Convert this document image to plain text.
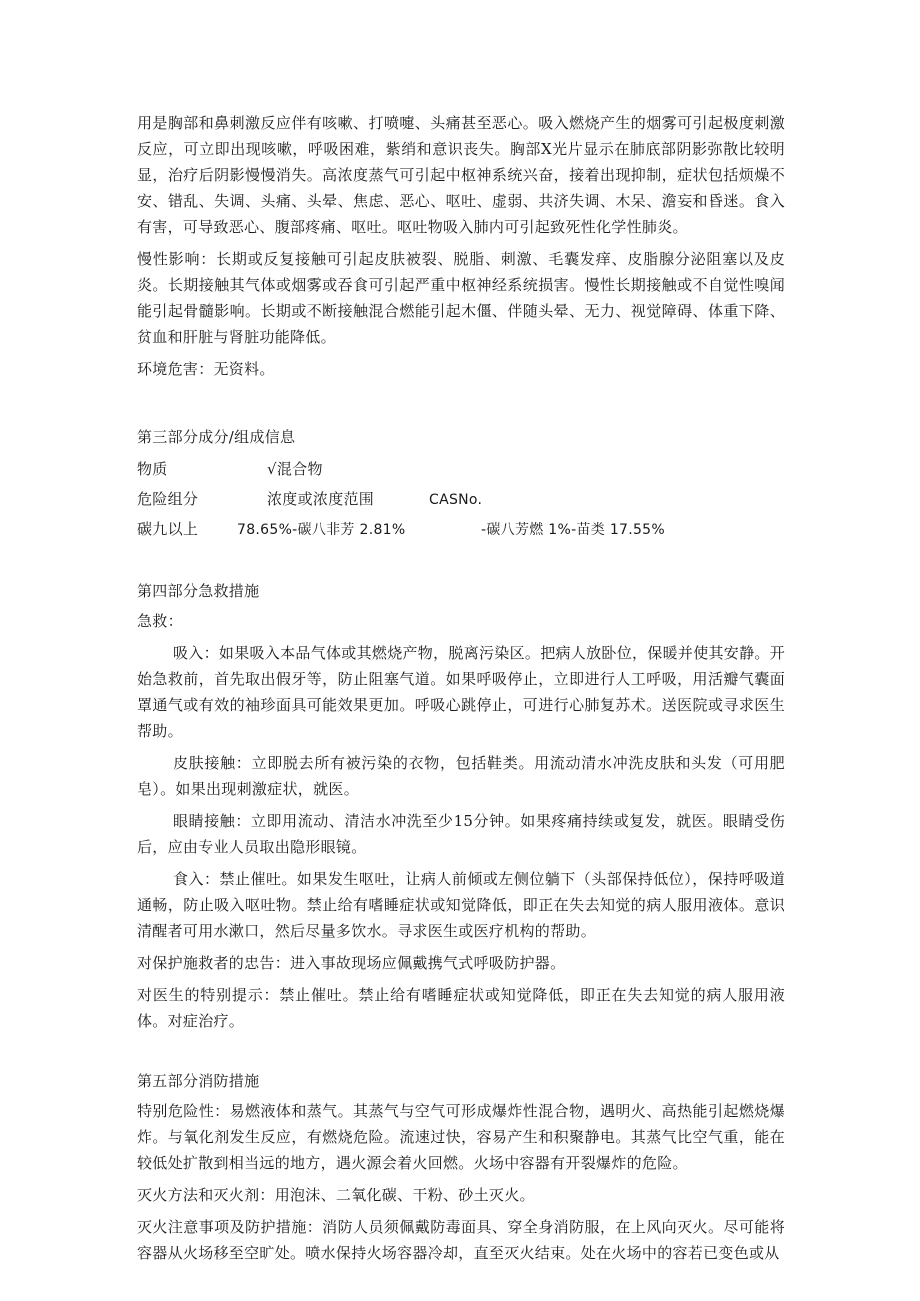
用是胸部和鼻刺激反应伴有咳嗽、打喷嚏、头痛甚至恶心。吸入燃烧产生的烟雾可引起极度刺激反应，可立即出现咳嗽，呼吸困难，紫绡和意识丧失。胸部X光片显示在肺底部阴影弥散比较明显，治疗后阴影慢慢消失。高浓度蒸气可引起中枢神系统兴奋，接着出现抑制，症状包括烦燥不安、错乱、失调、头痛、头晕、焦虑、恶心、呕吐、虚弱、共济失调、木呆、澹妄和昏迷。食入有害，可导致恶心、腹部疼痛、呕吐。呕吐物吸入肺内可引起致死性化学性肺炎。

慢性影响：长期或反复接触可引起皮肤被裂、脱脂、刺激、毛囊发痒、皮脂腺分泌阻塞以及皮炎。长期接触其气体或烟雾或吞食可引起严重中枢神经系统损害。慢性长期接触或不自觉性嗅闻能引起骨髓影响。长期或不断接触混合燃能引起木僵、伴随头晕、无力、视觉障碍、体重下降、贫血和肝脏与肾脏功能降低。

环境危害：无资料。

第三部分成分/组成信息
物质	√混合物
危险组分	浓度或浓度范围	CASNo.
碳九以上	78.65%-碳八非芳 2.81%	-碳八芳燃 1%-苗类 17.55%
第四部分急救措施

急救：

吸入：如果吸入本品气体或其燃烧产物，脱离污染区。把病人放卧位，保暖并使其安静。开始急救前，首先取出假牙等，防止阻塞气道。如果呼吸停止，立即进行人工呼吸，用活瓣气囊面罩通气或有效的袖珍面具可能效果更加。呼吸心跳停止，可进行心肺复苏术。送医院或寻求医生帮助。

皮肤接触：立即脱去所有被污染的衣物，包括鞋类。用流动清水冲洗皮肤和头发（可用肥皂）。如果出现刺激症状，就医。

眼睛接触：立即用流动、清洁水冲洗至少15分钟。如果疼痛持续或复发，就医。眼睛受伤后，应由专业人员取出隐形眼镜。

食入：禁止催吐。如果发生呕吐，让病人前倾或左侧位躺下（头部保持低位），保持呼吸道通畅，防止吸入呕吐物。禁止给有嗜睡症状或知觉降低，即正在失去知觉的病人服用液体。意识清醒者可用水漱口，然后尽量多饮水。寻求医生或医疗机构的帮助。

对保护施救者的忠告：进入事故现场应佩戴携气式呼吸防护器。

对医生的特别提示：禁止催吐。禁止给有嗜睡症状或知觉降低，即正在失去知觉的病人服用液体。对症治疗。

第五部分消防措施

特别危险性：易燃液体和蒸气。其蒸气与空气可形成爆炸性混合物，遇明火、高热能引起燃烧爆炸。与氧化剂发生反应，有燃烧危险。流速过快，容易产生和积聚静电。其蒸气比空气重，能在较低处扩散到相当远的地方，遇火源会着火回燃。火场中容器有开裂爆炸的危险。

灭火方法和灭火剂：用泡沫、二氧化碳、干粉、砂土灭火。

灭火注意事项及防护措施：消防人员须佩戴防毒面具、穿全身消防服，在上风向灭火。尽可能将容器从火场移至空旷处。喷水保持火场容器冷却，直至灭火结束。处在火场中的容若已变色或从
